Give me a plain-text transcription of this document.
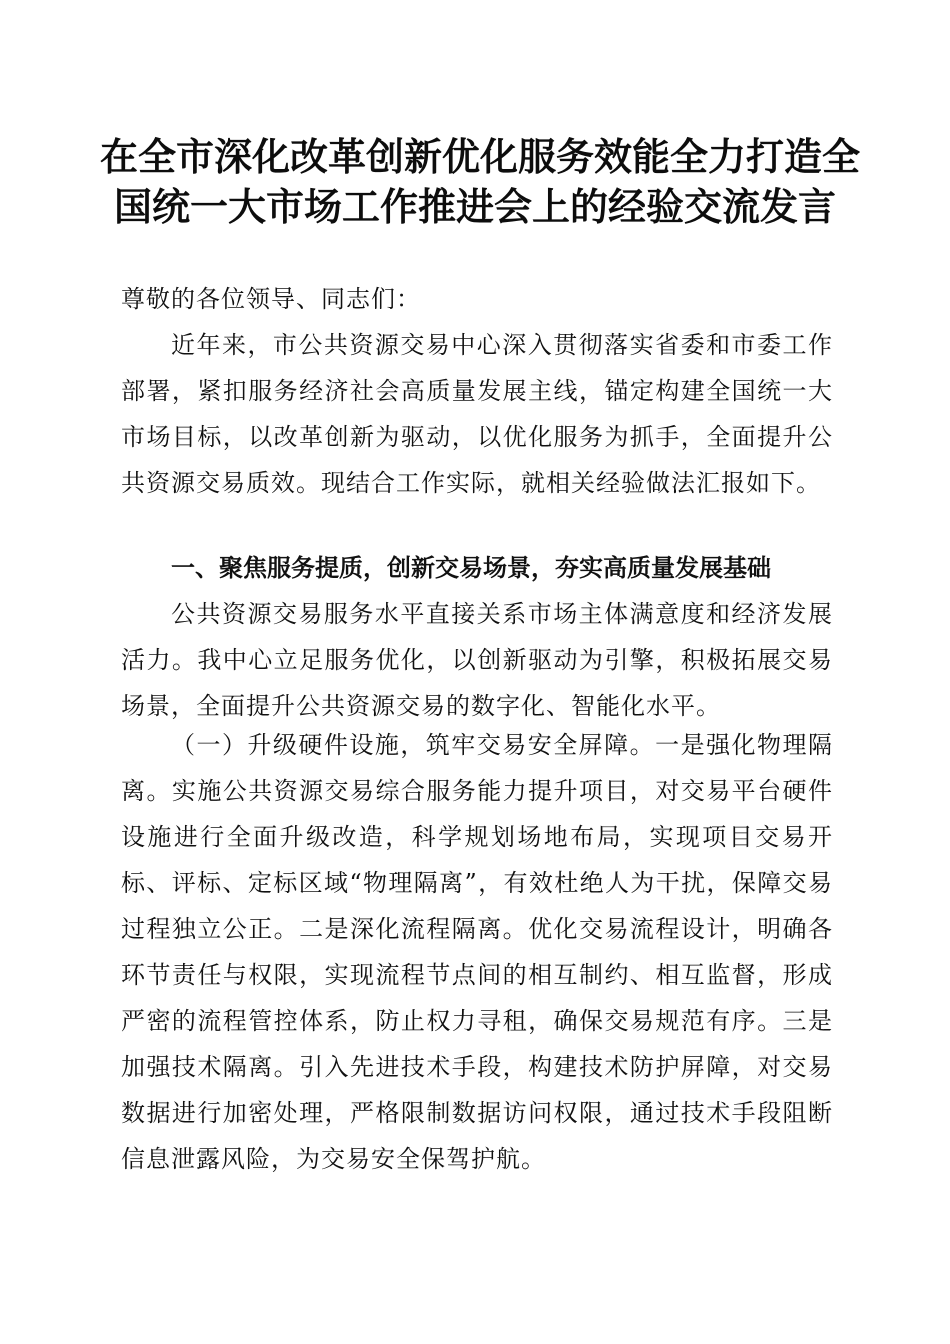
在全市深化改革创新优化服务效能全力打造全
国统一大市场工作推进会上的经验交流发言

尊敬的各位领导、同志们：

近年来，市公共资源交易中心深入贯彻落实省委和市委工作部署，紧扣服务经济社会高质量发展主线，锚定构建全国统一大市场目标，以改革创新为驱动，以优化服务为抓手，全面提升公共资源交易质效。现结合工作实际，就相关经验做法汇报如下。

一、聚焦服务提质，创新交易场景，夯实高质量发展基础

公共资源交易服务水平直接关系市场主体满意度和经济发展活力。我中心立足服务优化，以创新驱动为引擎，积极拓展交易场景，全面提升公共资源交易的数字化、智能化水平。

（一）升级硬件设施，筑牢交易安全屏障。一是强化物理隔离。实施公共资源交易综合服务能力提升项目，对交易平台硬件设施进行全面升级改造，科学规划场地布局，实现项目交易开标、评标、定标区域“物理隔离”，有效杜绝人为干扰，保障交易过程独立公正。二是深化流程隔离。优化交易流程设计，明确各环节责任与权限，实现流程节点间的相互制约、相互监督，形成严密的流程管控体系，防止权力寻租，确保交易规范有序。三是加强技术隔离。引入先进技术手段，构建技术防护屏障，对交易数据进行加密处理，严格限制数据访问权限，通过技术手段阻断信息泄露风险，为交易安全保驾护航。
